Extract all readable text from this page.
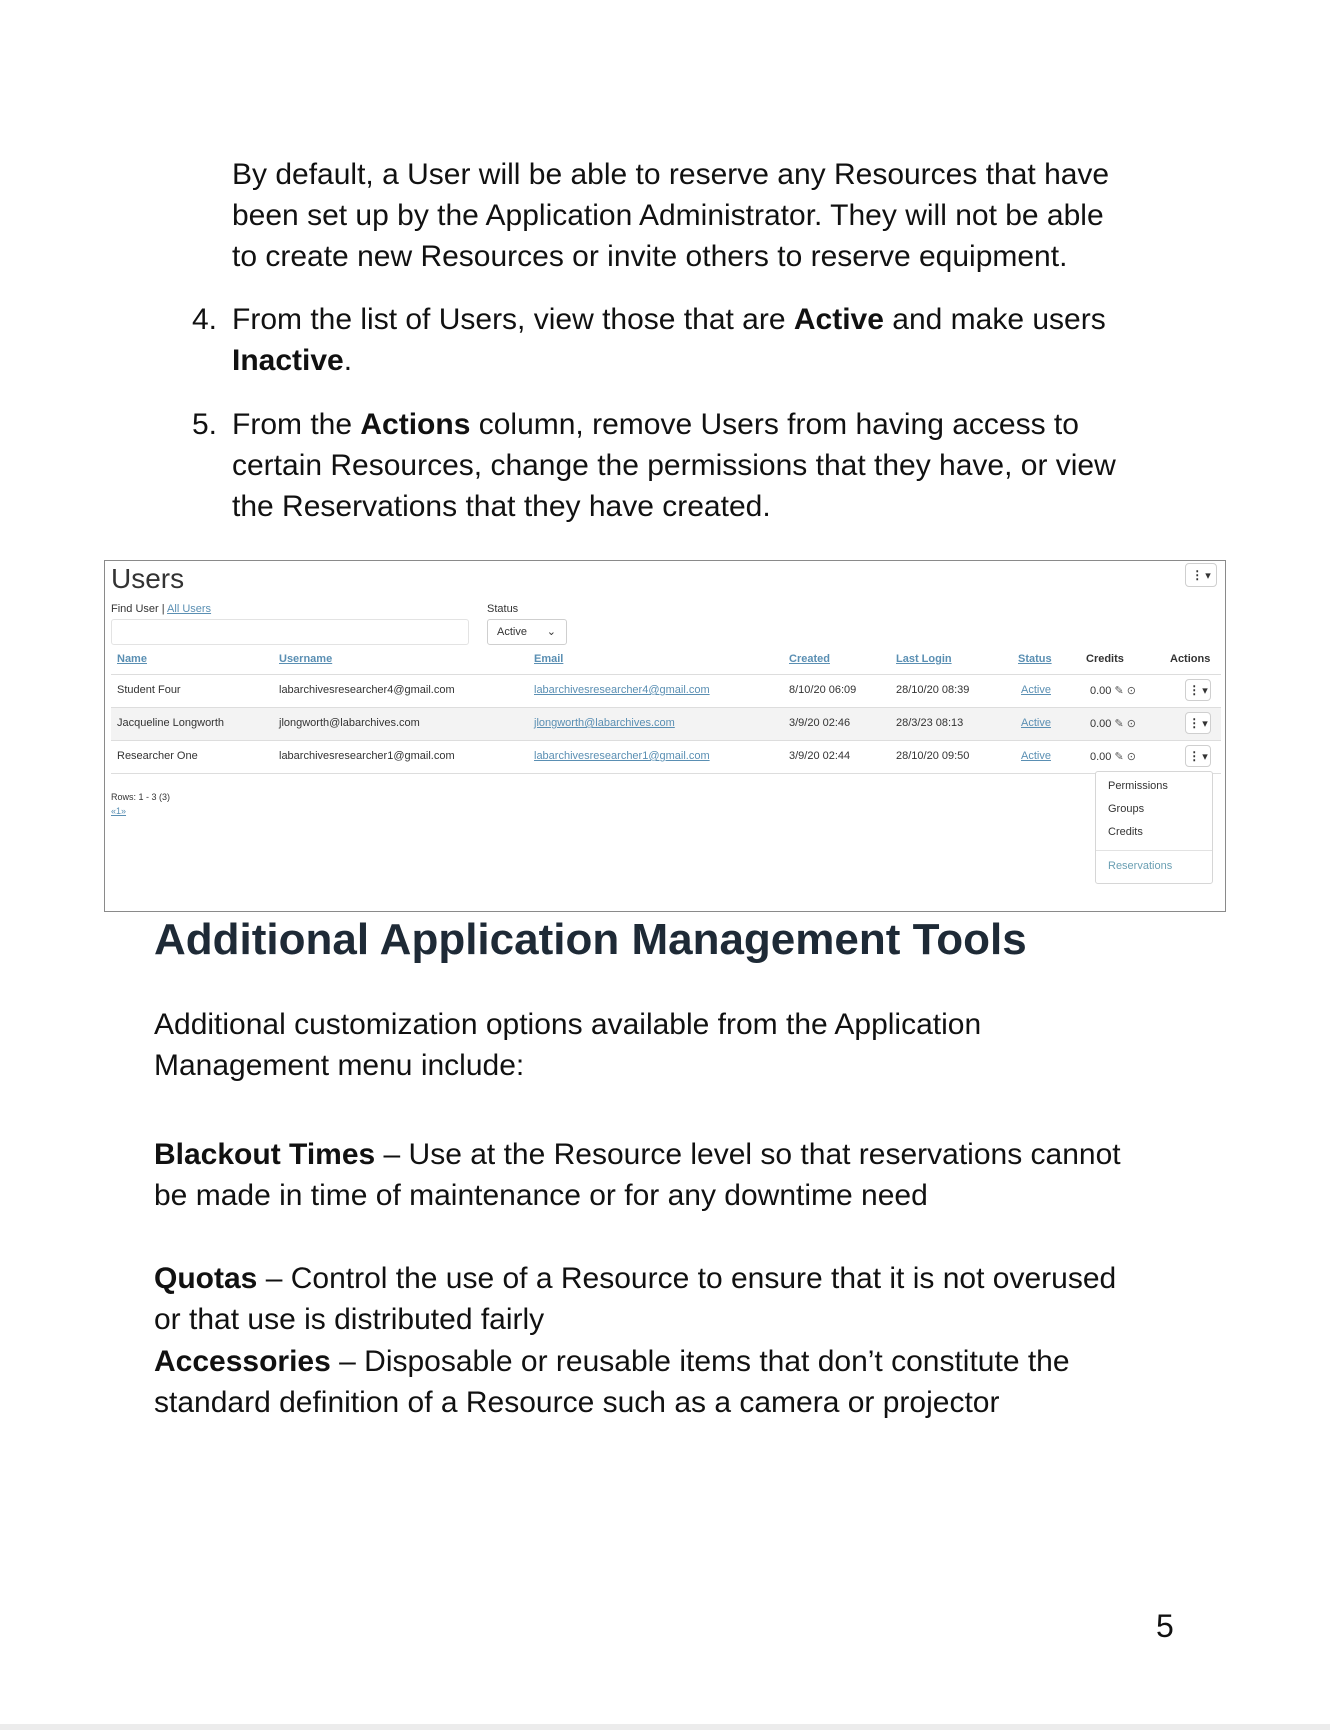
By default, a User will be able to reserve any Resources that have
been set up by the Application Administrator. They will not be able
to create new Resources or invite others to reserve equipment.
4. From the list of Users, view those that are Active and make users
Inactive.
5. From the Actions column, remove Users from having access to
certain Resources, change the permissions that they have, or view
the Reservations that they have created.
Users	⋮ ▾
Find User | All Users	Status
Active ⌄
Name	Username	Email	Created	Last Login	Status	Credits	Actions
Student Four	labarchivesresearcher4@gmail.com	labarchivesresearcher4@gmail.com	8/10/20 06:09	28/10/20 08:39	Active	0.00 ✎ ⊙	⋮ ▾
Jacqueline Longworth	jlongworth@labarchives.com	jlongworth@labarchives.com	3/9/20 02:46	28/3/23 08:13	Active	0.00 ✎ ⊙	⋮ ▾
Researcher One	labarchivesresearcher1@gmail.com	labarchivesresearcher1@gmail.com	3/9/20 02:44	28/10/20 09:50	Active	0.00 ✎ ⊙	⋮ ▾
Rows: 1 - 3 (3)
«1»
Permissions
Groups
Credits
Reservations
Additional Application Management Tools
Additional customization options available from the Application
Management menu include:
Blackout Times – Use at the Resource level so that reservations cannot
be made in time of maintenance or for any downtime need
Quotas – Control the use of a Resource to ensure that it is not overused
or that use is distributed fairly
Accessories – Disposable or reusable items that don’t constitute the
standard definition of a Resource such as a camera or projector
5
